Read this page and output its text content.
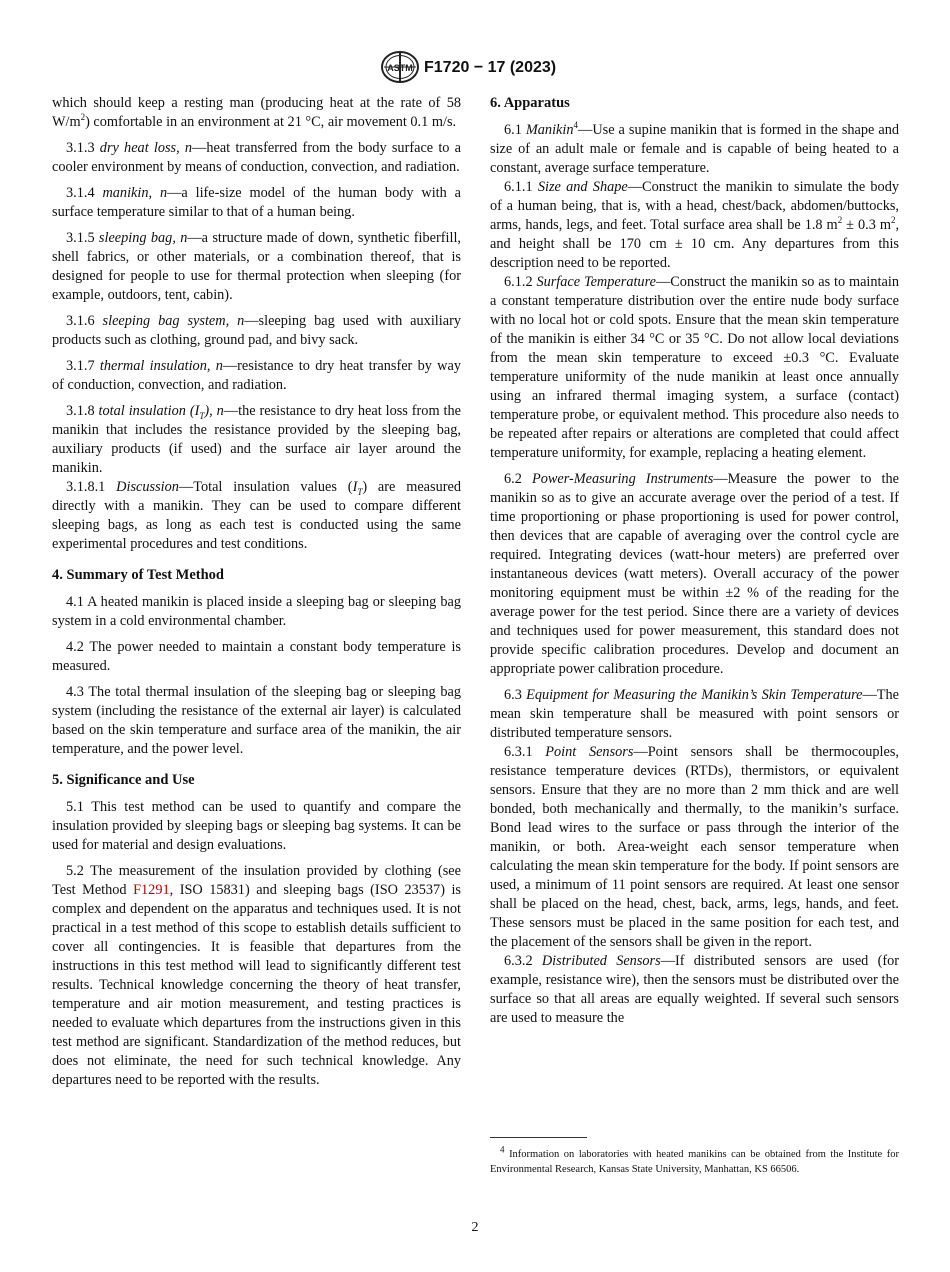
ASTM F1720 − 17 (2023)

which should keep a resting man (producing heat at the rate of 58 $W/m^2$) comfortable in an environment at 21 °C, air movement 0.1 m/s.

3.1.3 dry heat loss, n—heat transferred from the body surface to a cooler environment by means of conduction, convection, and radiation.

3.1.4 manikin, n—a life-size model of the human body with a surface temperature similar to that of a human being.

3.1.5 sleeping bag, n—a structure made of down, synthetic fiberfill, shell fabrics, or other materials, or a combination thereof, that is designed for people to use for thermal protection when sleeping (for example, outdoors, tent, cabin).

3.1.6 sleeping bag system, n—sleeping bag used with auxiliary products such as clothing, ground pad, and bivy sack.

3.1.7 thermal insulation, n—resistance to dry heat transfer by way of conduction, convection, and radiation.

3.1.8 total insulation $(I_T)$, n—the resistance to dry heat loss from the manikin that includes the resistance provided by the sleeping bag, auxiliary products (if used) and the surface air layer around the manikin.

3.1.8.1 Discussion—Total insulation values $(I_T)$ are measured directly with a manikin. They can be used to compare different sleeping bags, as long as each test is conducted using the same experimental procedures and test conditions.

4. Summary of Test Method

4.1 A heated manikin is placed inside a sleeping bag or sleeping bag system in a cold environmental chamber.

4.2 The power needed to maintain a constant body temperature is measured.

4.3 The total thermal insulation of the sleeping bag or sleeping bag system (including the resistance of the external air layer) is calculated based on the skin temperature and surface area of the manikin, the air temperature, and the power level.

5. Significance and Use

5.1 This test method can be used to quantify and compare the insulation provided by sleeping bags or sleeping bag systems. It can be used for material and design evaluations.

5.2 The measurement of the insulation provided by clothing (see Test Method F1291, ISO 15831) and sleeping bags (ISO 23537) is complex and dependent on the apparatus and techniques used. It is not practical in a test method of this scope to establish details sufficient to cover all contingencies. It is feasible that departures from the instructions in this test method will lead to significantly different test results. Technical knowledge concerning the theory of heat transfer, temperature and air motion measurement, and testing practices is needed to evaluate which departures from the instructions given in this test method are significant. Standardization of the method reduces, but does not eliminate, the need for such technical knowledge. Any departures need to be reported with the results.

6. Apparatus

6.1 Manikin$^4$—Use a supine manikin that is formed in the shape and size of an adult male or female and is capable of being heated to a constant, average surface temperature.

6.1.1 Size and Shape—Construct the manikin to simulate the body of a human being, that is, with a head, chest/back, abdomen/buttocks, arms, hands, legs, and feet. Total surface area shall be 1.8 $m^2 \pm 0.3$ $m^2$, and height shall be 170 cm ± 10 cm. Any departures from this description need to be reported.

6.1.2 Surface Temperature—Construct the manikin so as to maintain a constant temperature distribution over the entire nude body surface with no local hot or cold spots. Ensure that the mean skin temperature of the manikin is either 34 °C or 35 °C. Do not allow local deviations from the mean skin temperature to exceed ±0.3 °C. Evaluate temperature uniformity of the nude manikin at least once annually using an infrared thermal imaging system, a surface (contact) temperature probe, or equivalent method. This procedure also needs to be repeated after repairs or alterations are completed that could affect temperature uniformity, for example, replacing a heating element.

6.2 Power-Measuring Instruments—Measure the power to the manikin so as to give an accurate average over the period of a test. If time proportioning or phase proportioning is used for power control, then devices that are capable of averaging over the control cycle are required. Integrating devices (watt-hour meters) are preferred over instantaneous devices (watt meters). Overall accuracy of the power monitoring equipment must be within ±2 % of the reading for the average power for the test period. Since there are a variety of devices and techniques used for power measurement, this standard does not provide specific calibration procedures. Develop and document an appropriate power calibration procedure.

6.3 Equipment for Measuring the Manikin’s Skin Temperature—The mean skin temperature shall be measured with point sensors or distributed temperature sensors.

6.3.1 Point Sensors—Point sensors shall be thermocouples, resistance temperature devices (RTDs), thermistors, or equivalent sensors. Ensure that they are no more than 2 mm thick and are well bonded, both mechanically and thermally, to the manikin’s surface. Bond lead wires to the surface or pass through the interior of the manikin, or both. Area-weight each sensor temperature when calculating the mean skin temperature for the body. If point sensors are used, a minimum of 11 point sensors are required. At least one sensor shall be placed on the head, chest, back, arms, legs, hands, and feet. These sensors must be placed in the same position for each test, and the placement of the sensors shall be given in the report.

6.3.2 Distributed Sensors—If distributed sensors are used (for example, resistance wire), then the sensors must be distributed over the surface so that all areas are equally weighted. If several such sensors are used to measure the

$^4$ Information on laboratories with heated manikins can be obtained from the Institute for Environmental Research, Kansas State University, Manhattan, KS 66506.
2
